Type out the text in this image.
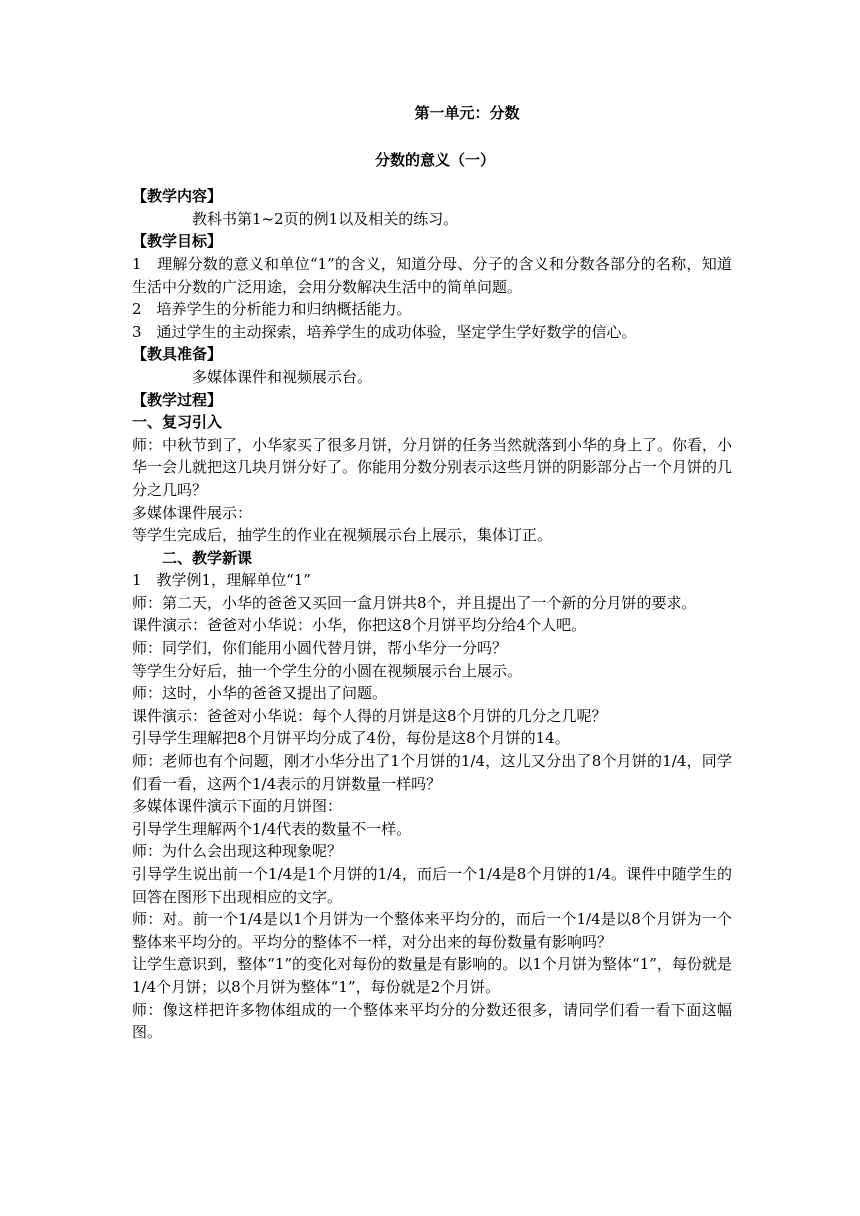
第一单元：分数
分数的意义（一）
【教学内容】
教科书第1~2页的例1以及相关的练习。
【教学目标】
1　理解分数的意义和单位“1”的含义，知道分母、分子的含义和分数各部分的名称，知道生活中分数的广泛用途，会用分数解决生活中的简单问题。
2　培养学生的分析能力和归纳概括能力。
3　通过学生的主动探索，培养学生的成功体验，坚定学生学好数学的信心。
【教具准备】
多媒体课件和视频展示台。
【教学过程】
一、复习引入
师：中秋节到了，小华家买了很多月饼，分月饼的任务当然就落到小华的身上了。你看，小华一会儿就把这几块月饼分好了。你能用分数分别表示这些月饼的阴影部分占一个月饼的几分之几吗？
多媒体课件展示：
等学生完成后，抽学生的作业在视频展示台上展示，集体订正。
二、教学新课
1　教学例1，理解单位“1”
师：第二天，小华的爸爸又买回一盒月饼共8个，并且提出了一个新的分月饼的要求。
课件演示：爸爸对小华说：小华，你把这8个月饼平均分给4个人吧。
师：同学们，你们能用小圆代替月饼，帮小华分一分吗？
等学生分好后，抽一个学生分的小圆在视频展示台上展示。
师：这时，小华的爸爸又提出了问题。
课件演示：爸爸对小华说：每个人得的月饼是这8个月饼的几分之几呢？
引导学生理解把8个月饼平均分成了4份，每份是这8个月饼的14。
师：老师也有个问题，刚才小华分出了1个月饼的1/4，这儿又分出了8个月饼的1/4，同学们看一看，这两个1/4表示的月饼数量一样吗？
多媒体课件演示下面的月饼图：
引导学生理解两个1/4代表的数量不一样。
师：为什么会出现这种现象呢？
引导学生说出前一个1/4是1个月饼的1/4，而后一个1/4是8个月饼的1/4。课件中随学生的回答在图形下出现相应的文字。
师：对。前一个1/4是以1个月饼为一个整体来平均分的，而后一个1/4是以8个月饼为一个整体来平均分的。平均分的整体不一样，对分出来的每份数量有影响吗？
让学生意识到，整体“1”的变化对每份的数量是有影响的。以1个月饼为整体“1”，每份就是1/4个月饼；以8个月饼为整体“1”，每份就是2个月饼。
师：像这样把许多物体组成的一个整体来平均分的分数还很多，请同学们看一看下面这幅图。
